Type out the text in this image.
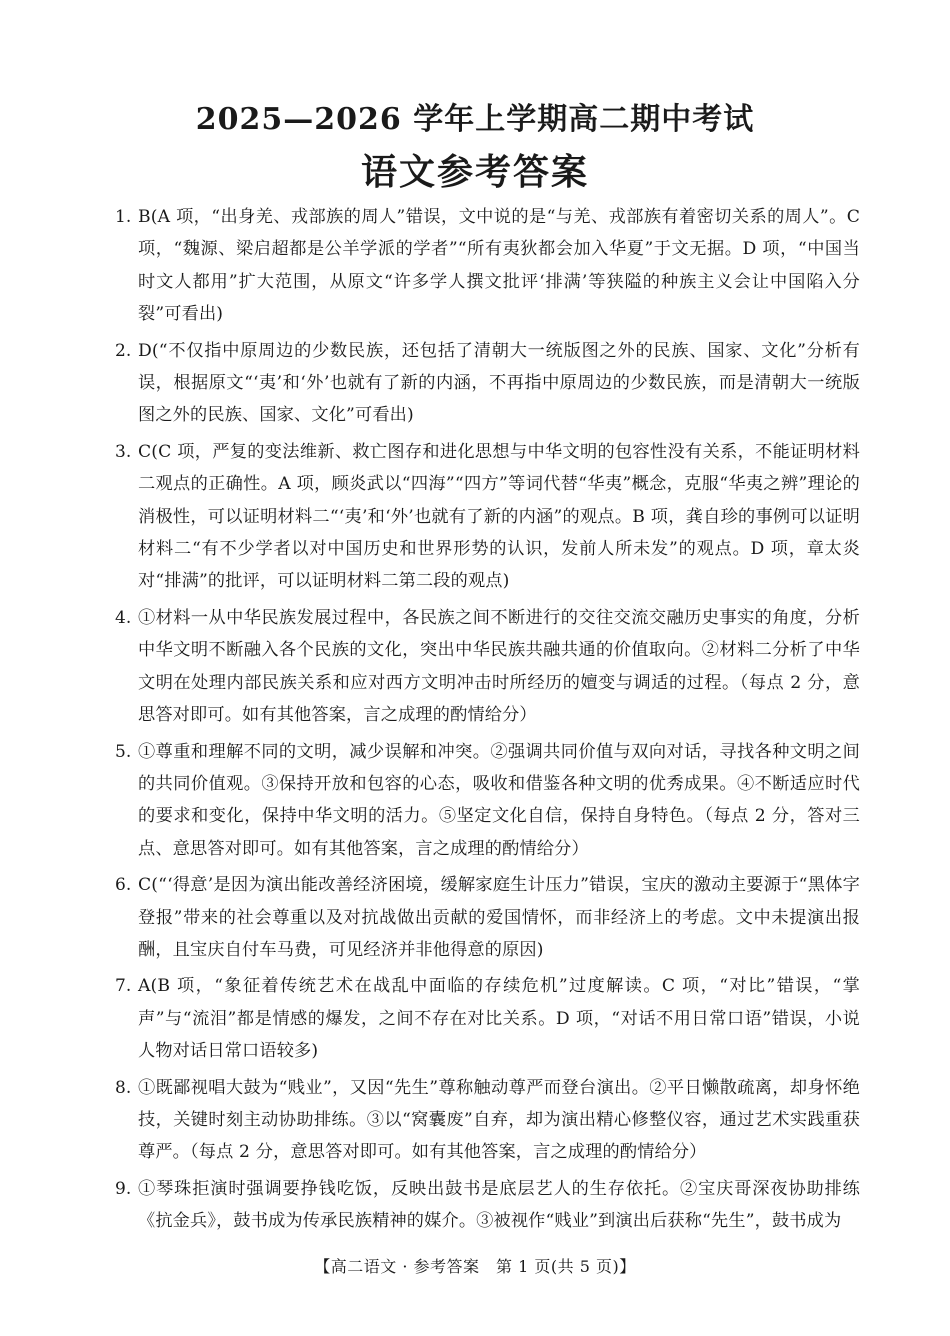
2025—2026 学年上学期高二期中考试
语文参考答案
1. B(A 项，“出身羌、戎部族的周人”错误，文中说的是“与羌、戎部族有着密切关系的周人”。C 项，“魏源、梁启超都是公羊学派的学者”“所有夷狄都会加入华夏”于文无据。D 项，“中国当时文人都用”扩大范围，从原文“许多学人撰文批评‘排满’等狭隘的种族主义会让中国陷入分裂”可看出)
2. D(“不仅指中原周边的少数民族，还包括了清朝大一统版图之外的民族、国家、文化”分析有误，根据原文“‘夷’和‘外’也就有了新的内涵，不再指中原周边的少数民族，而是清朝大一统版图之外的民族、国家、文化”可看出)
3. C(C 项，严复的变法维新、救亡图存和进化思想与中华文明的包容性没有关系，不能证明材料二观点的正确性。A 项，顾炎武以“四海”“四方”等词代替“华夷”概念，克服“华夷之辨”理论的消极性，可以证明材料二“‘夷’和‘外’也就有了新的内涵”的观点。B 项，龚自珍的事例可以证明材料二“有不少学者以对中国历史和世界形势的认识，发前人所未发”的观点。D 项，章太炎对“排满”的批评，可以证明材料二第二段的观点)
4. ①材料一从中华民族发展过程中，各民族之间不断进行的交往交流交融历史事实的角度，分析中华文明不断融入各个民族的文化，突出中华民族共融共通的价值取向。②材料二分析了中华文明在处理内部民族关系和应对西方文明冲击时所经历的嬗变与调适的过程。（每点 2 分，意思答对即可。如有其他答案，言之成理的酌情给分）
5. ①尊重和理解不同的文明，减少误解和冲突。②强调共同价值与双向对话，寻找各种文明之间的共同价值观。③保持开放和包容的心态，吸收和借鉴各种文明的优秀成果。④不断适应时代的要求和变化，保持中华文明的活力。⑤坚定文化自信，保持自身特色。（每点 2 分，答对三点、意思答对即可。如有其他答案，言之成理的酌情给分）
6. C(“‘得意’是因为演出能改善经济困境，缓解家庭生计压力”错误，宝庆的激动主要源于“黑体字登报”带来的社会尊重以及对抗战做出贡献的爱国情怀，而非经济上的考虑。文中未提演出报酬，且宝庆自付车马费，可见经济并非他得意的原因)
7. A(B 项，“象征着传统艺术在战乱中面临的存续危机”过度解读。C 项，“对比”错误，“掌声”与“流泪”都是情感的爆发，之间不存在对比关系。D 项，“对话不用日常口语”错误，小说人物对话日常口语较多)
8. ①既鄙视唱大鼓为“贱业”，又因“先生”尊称触动尊严而登台演出。②平日懒散疏离，却身怀绝技，关键时刻主动协助排练。③以“窝囊废”自弃，却为演出精心修整仪容，通过艺术实践重获尊严。（每点 2 分，意思答对即可。如有其他答案，言之成理的酌情给分）
9. ①琴珠拒演时强调要挣钱吃饭，反映出鼓书是底层艺人的生存依托。②宝庆哥深夜协助排练《抗金兵》，鼓书成为传承民族精神的媒介。③被视作“贱业”到演出后获称“先生”，鼓书成为
【高二语文 · 参考答案　第 1 页(共 5 页)】
